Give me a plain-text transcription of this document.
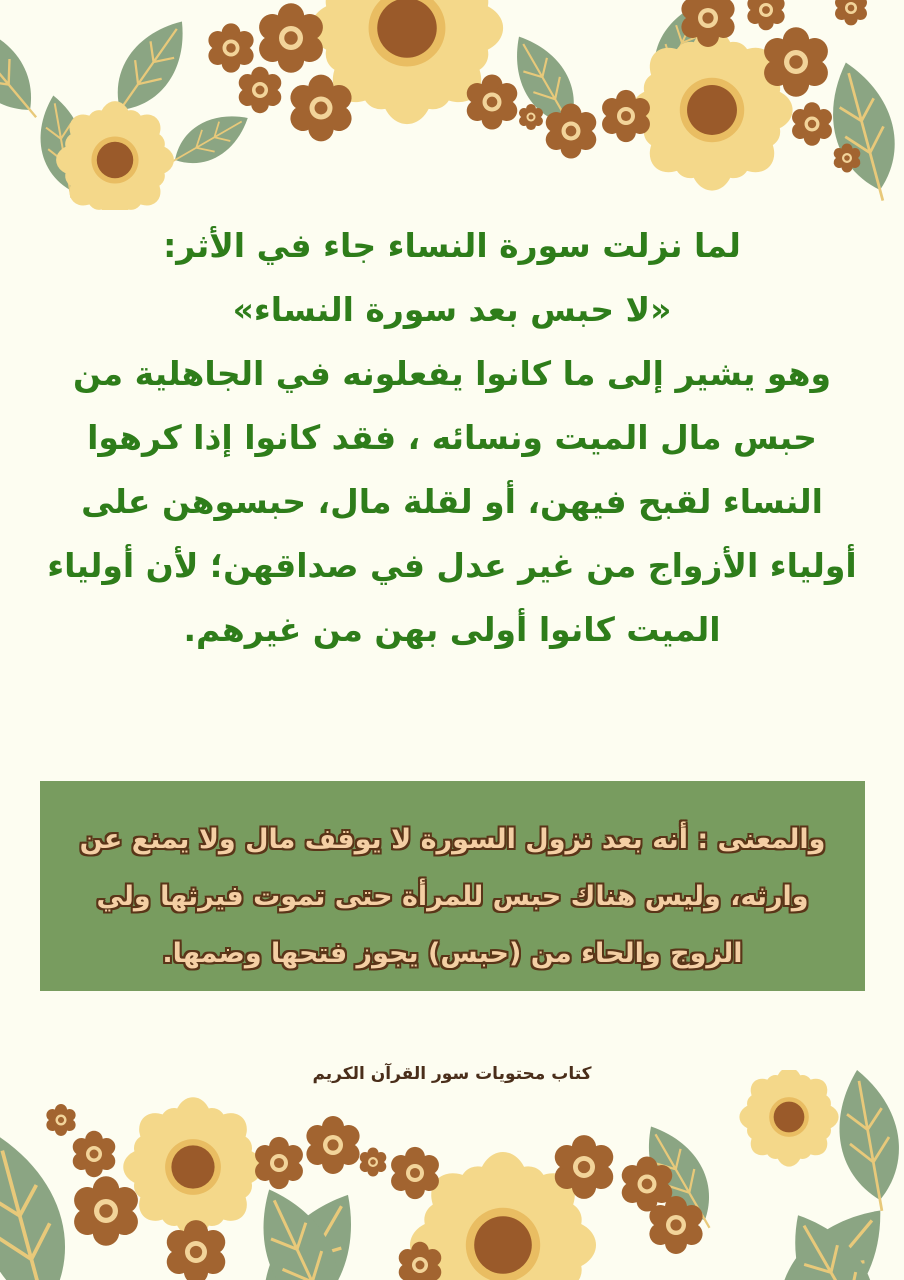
لما نزلت سورة النساء جاء في الأثر:
«لا حبس بعد سورة النساء»
وهو يشير إلى ما كانوا يفعلونه في الجاهلية من
حبس مال الميت ونسائه ، فقد كانوا إذا كرهوا
النساء لقبح فيهن، أو لقلة مال، حبسوهن على
أولياء الأزواج من غير عدل في صداقهن؛ لأن أولياء
الميت كانوا أولى بهن من غيرهم.
والمعنى : أنه بعد نزول السورة لا يوقف مال ولا يمنع عن
وارثه، وليس هناك حبس للمرأة حتى تموت فيرثها ولي
الزوج والحاء من (حبس) يجوز فتحها وضمها.
كتاب محتويات سور القرآن الكريم
